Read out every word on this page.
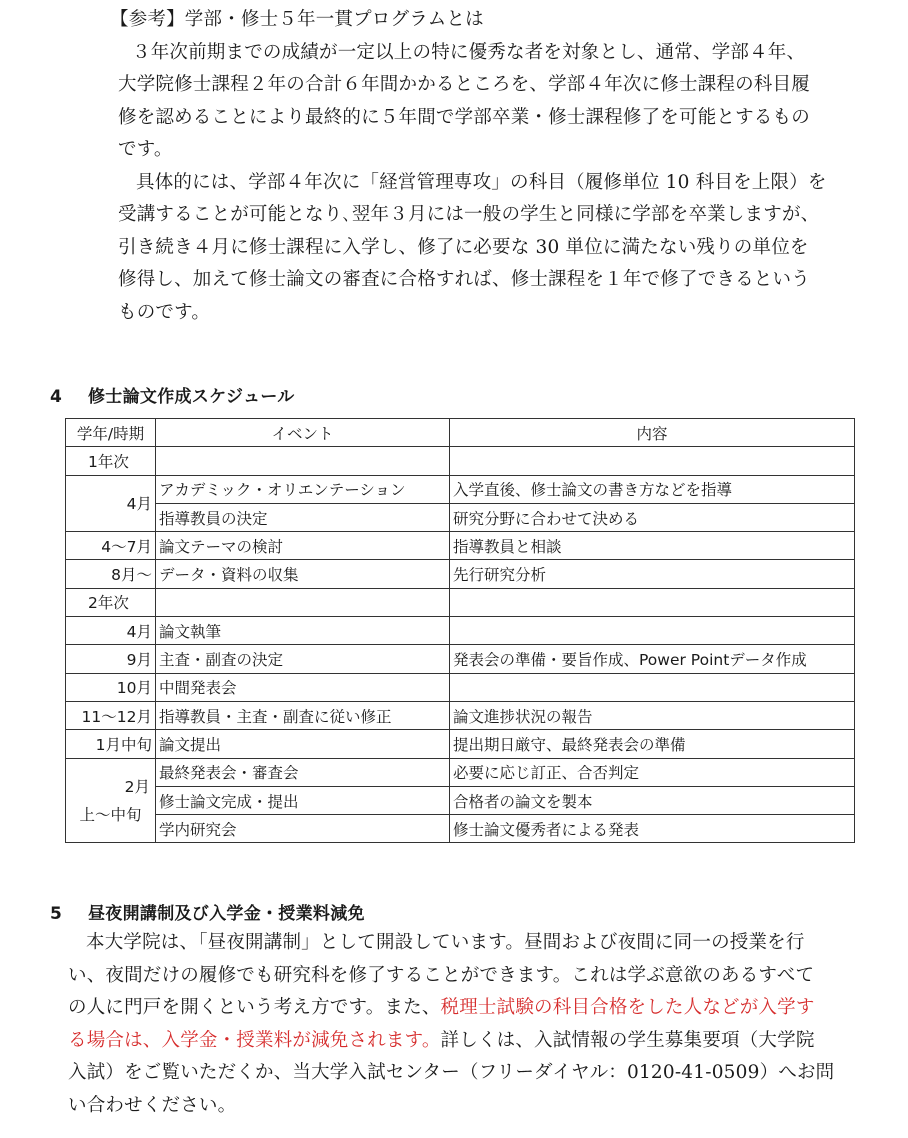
【参考】学部・修士５年一貫プログラムとは

３年次前期までの成績が一定以上の特に優秀な者を対象とし、通常、学部４年、

大学院修士課程２年の合計６年間かかるところを、学部４年次に修士課程の科目履

修を認めることにより最終的に５年間で学部卒業・修士課程修了を可能とするもの

です。

具体的には、学部４年次に「経営管理専攻」の科目（履修単位 10 科目を上限）を

受講することが可能となり､翌年３月には一般の学生と同様に学部を卒業しますが、

引き続き４月に修士課程に入学し、修了に必要な 30 単位に満たない残りの単位を

修得し、加えて修士論文の審査に合格すれば、修士課程を１年で修了できるという

ものです。

4 修士論文作成スケジュール

学年/時期	イベント	内容
1年次		
4月	アカデミック・オリエンテーション	入学直後、修士論文の書き方などを指導
	指導教員の決定	研究分野に合わせて決める
4～7月	論文テーマの検討	指導教員と相談
8月～	データ・資料の収集	先行研究分析
2年次		
4月	論文執筆	
9月	主査・副査の決定	発表会の準備・要旨作成、Power Pointデータ作成
10月	中間発表会	
11～12月	指導教員・主査・副査に従い修正	論文進捗状況の報告
1月中旬	論文提出	提出期日厳守、最終発表会の準備

2月
上～中旬	最終発表会・審査会	必要に応じ訂正、合否判定
	修士論文完成・提出	合格者の論文を製本
	学内研究会	修士論文優秀者による発表

5 昼夜開講制及び入学金・授業料減免

本大学院は、「昼夜開講制」として開設しています。昼間および夜間に同一の授業を行

い、夜間だけの履修でも研究科を修了することができます。これは学ぶ意欲のあるすべて

の人に門戸を開くという考え方です。また、税理士試験の科目合格をした人などが入学す

る場合は、入学金・授業料が減免されます。詳しくは、入試情報の学生募集要項（大学院

入試）をご覧いただくか、当大学入試センター（フリーダイヤル：0120-41-0509）へお問

い合わせください。
